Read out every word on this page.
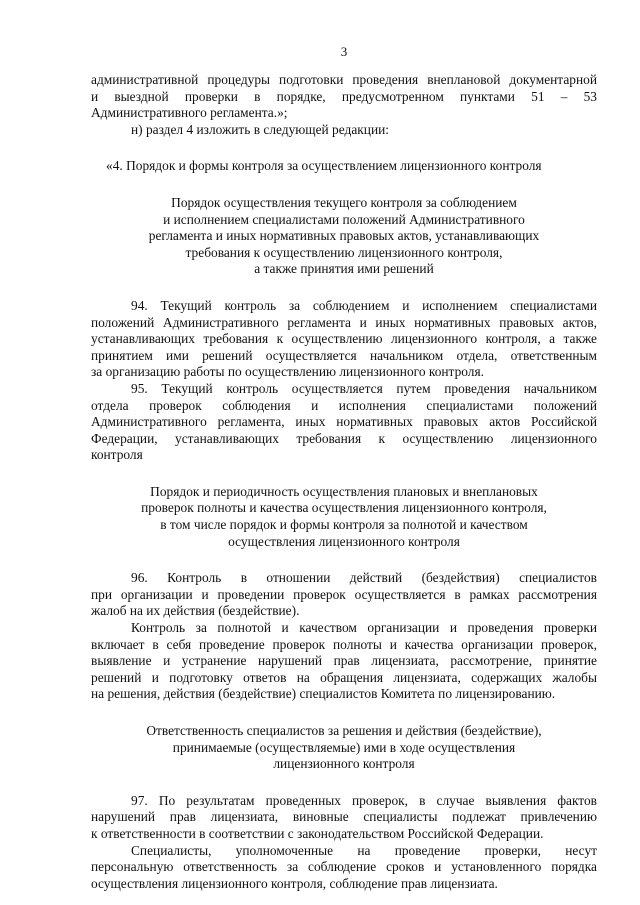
3

административной процедуры подготовки проведения внеплановой документарной
и выездной проверки в порядке, предусмотренном пунктами 51 – 53
Административного регламента.»;

н) раздел 4 изложить в следующей редакции:

«4. Порядок и формы контроля за осуществлением лицензионного контроля

Порядок осуществления текущего контроля за соблюдением
и исполнением специалистами положений Административного
регламента и иных нормативных правовых актов, устанавливающих
требования к осуществлению лицензионного контроля,
а также принятия ими решений

94. Текущий контроль за соблюдением и исполнением специалистами
положений Административного регламента и иных нормативных правовых актов,
устанавливающих требования к осуществлению лицензионного контроля, а также
принятием ими решений осуществляется начальником отдела, ответственным
за организацию работы по осуществлению лицензионного контроля.

95. Текущий контроль осуществляется путем проведения начальником
отдела проверок соблюдения и исполнения специалистами положений
Административного регламента, иных нормативных правовых актов Российской
Федерации, устанавливающих требования к осуществлению лицензионного
контроля

Порядок и периодичность осуществления плановых и внеплановых
проверок полноты и качества осуществления лицензионного контроля,
в том числе порядок и формы контроля за полнотой и качеством
осуществления лицензионного контроля

96. Контроль в отношении действий (бездействия) специалистов
при организации и проведении проверок осуществляется в рамках рассмотрения
жалоб на их действия (бездействие).

Контроль за полнотой и качеством организации и проведения проверки
включает в себя проведение проверок полноты и качества организации проверок,
выявление и устранение нарушений прав лицензиата, рассмотрение, принятие
решений и подготовку ответов на обращения лицензиата, содержащих жалобы
на решения, действия (бездействие) специалистов Комитета по лицензированию.

Ответственность специалистов за решения и действия (бездействие),
принимаемые (осуществляемые) ими в ходе осуществления
лицензионного контроля

97. По результатам проведенных проверок, в случае выявления фактов
нарушений прав лицензиата, виновные специалисты подлежат привлечению
к ответственности в соответствии с законодательством Российской Федерации.

Специалисты, уполномоченные на проведение проверки, несут
персональную ответственность за соблюдение сроков и установленного порядка
осуществления лицензионного контроля, соблюдение прав лицензиата.
